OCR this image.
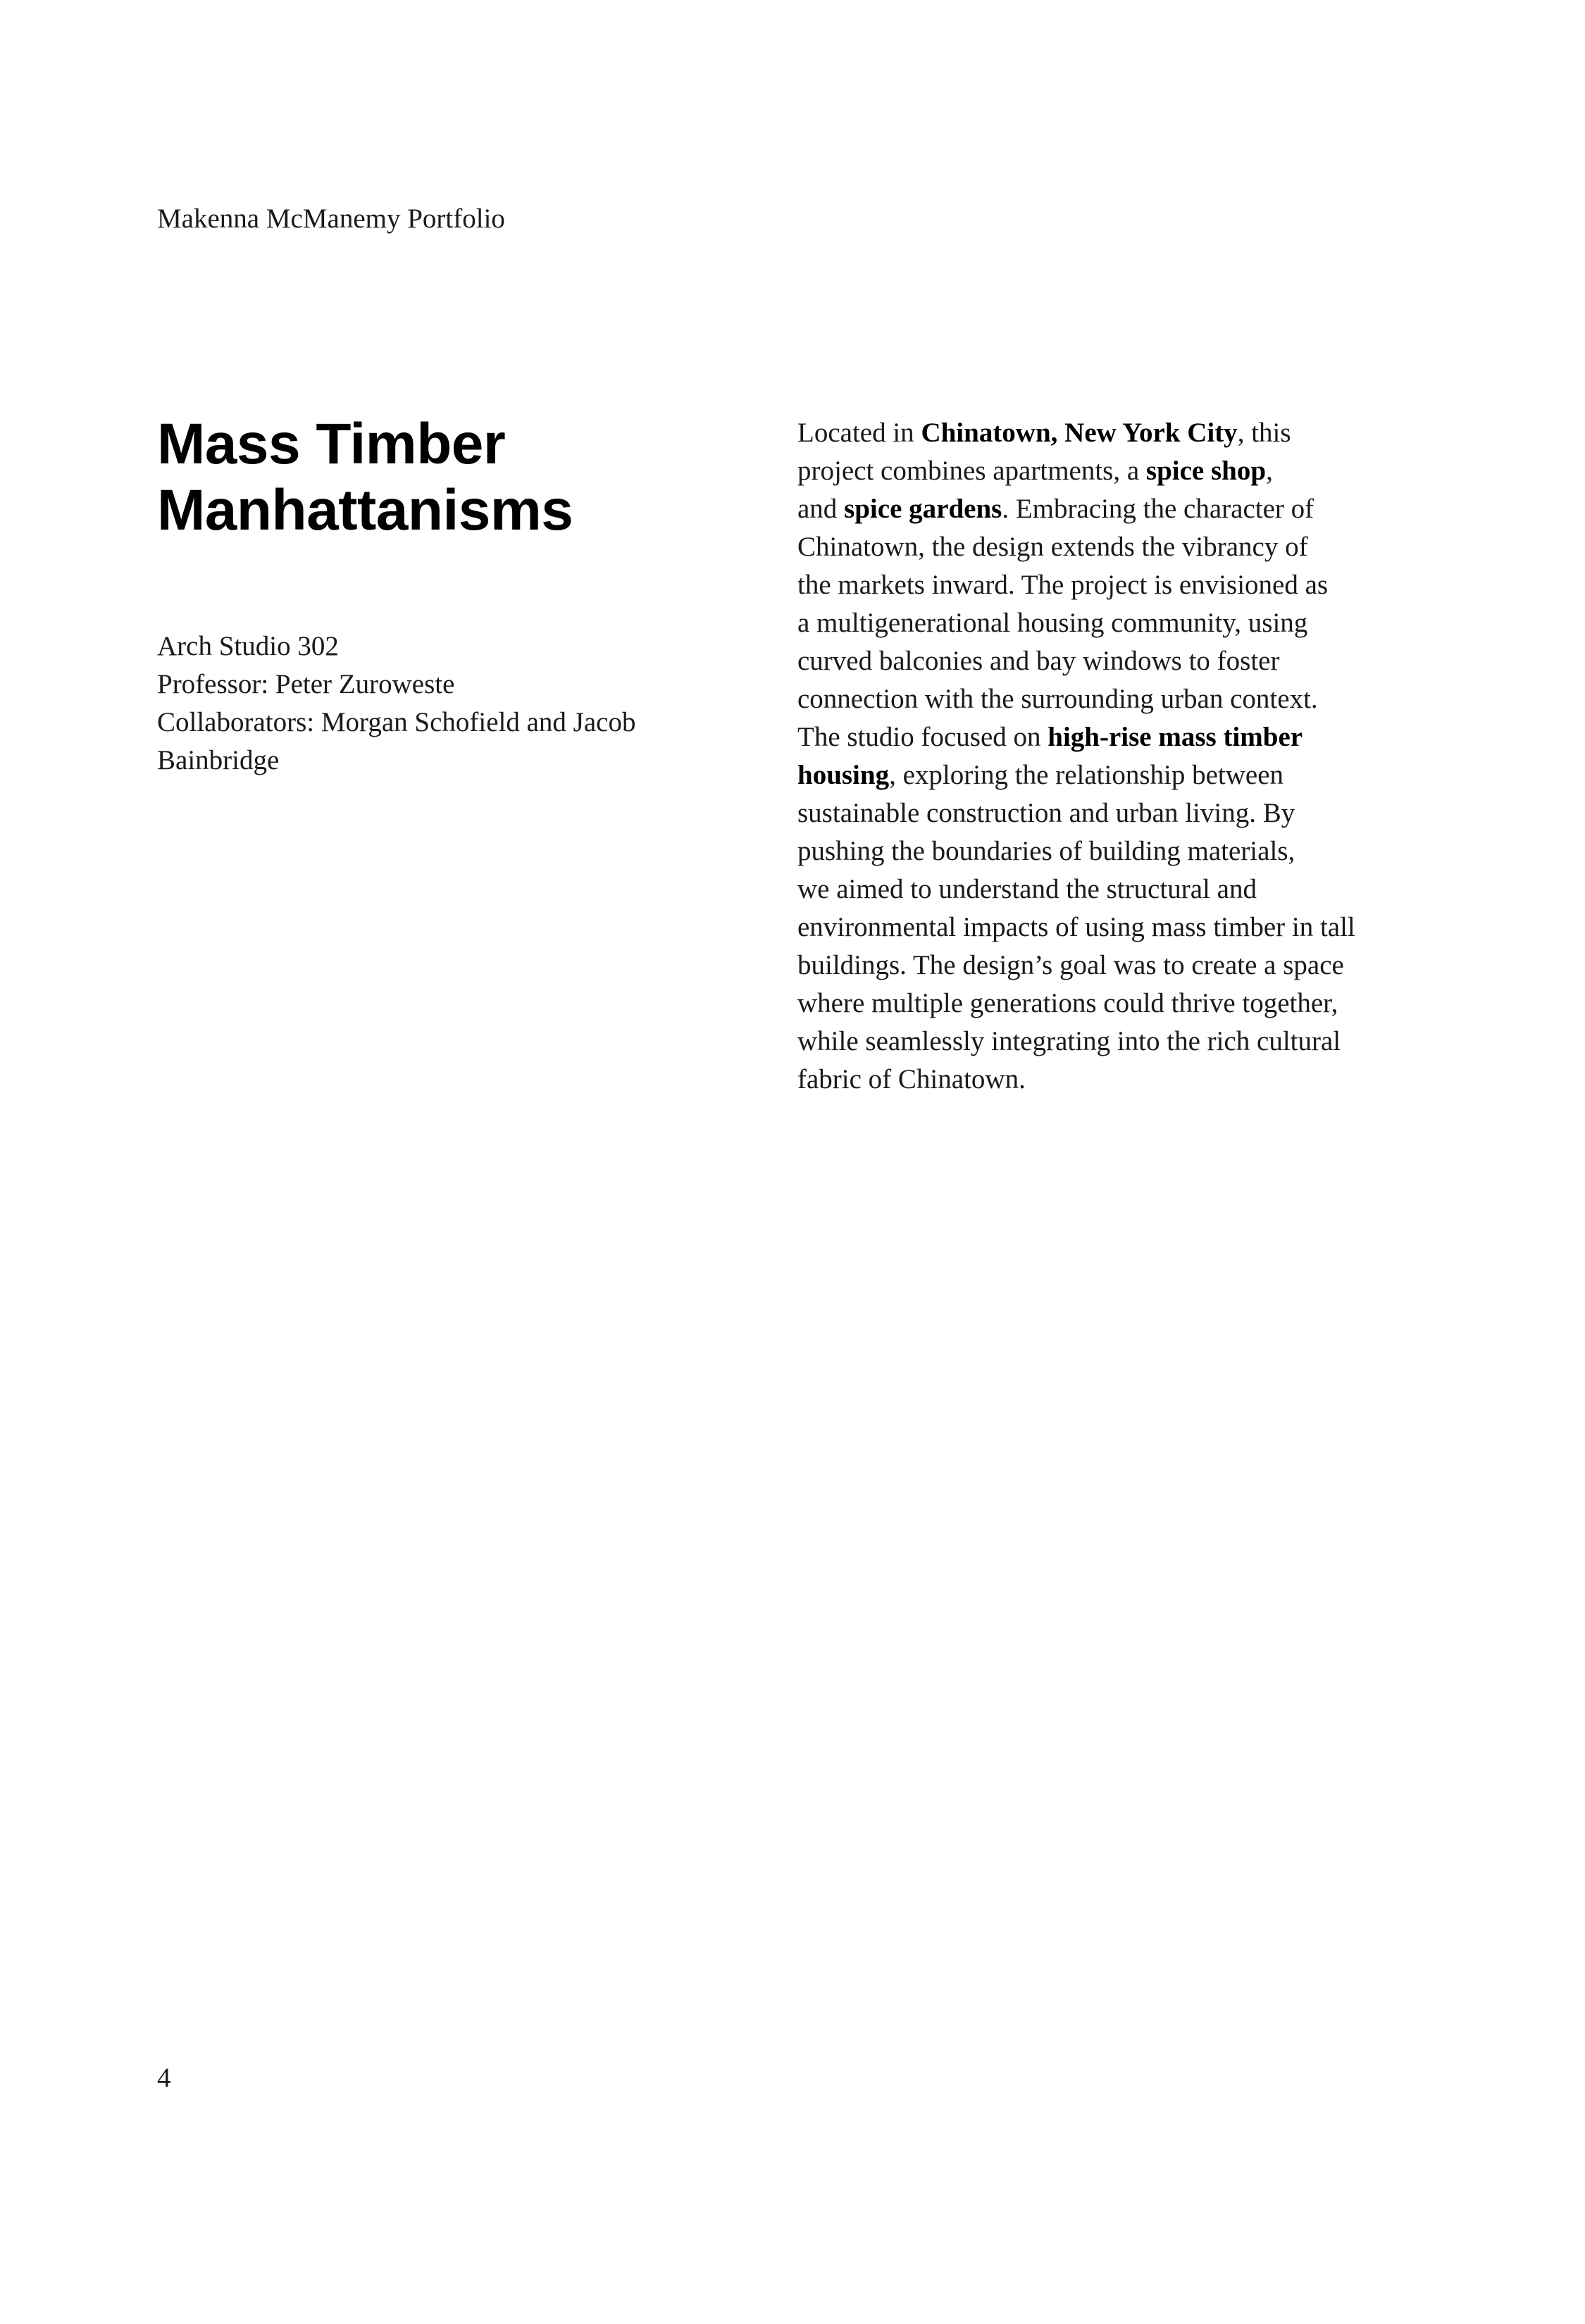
Makenna McManemy Portfolio
Mass Timber
Manhattanisms
Arch Studio 302
Professor: Peter Zuroweste
Collaborators: Morgan Schofield and Jacob
Bainbridge
Located in Chinatown, New York City, this
project combines apartments, a spice shop,
and spice gardens. Embracing the character of
Chinatown, the design extends the vibrancy of
the markets inward. The project is envisioned as
a multigenerational housing community, using
curved balconies and bay windows to foster
connection with the surrounding urban context.
The studio focused on high-rise mass timber
housing, exploring the relationship between
sustainable construction and urban living. By
pushing the boundaries of building materials,
we aimed to understand the structural and
environmental impacts of using mass timber in tall
buildings. The design’s goal was to create a space
where multiple generations could thrive together,
while seamlessly integrating into the rich cultural
fabric of Chinatown.
4
